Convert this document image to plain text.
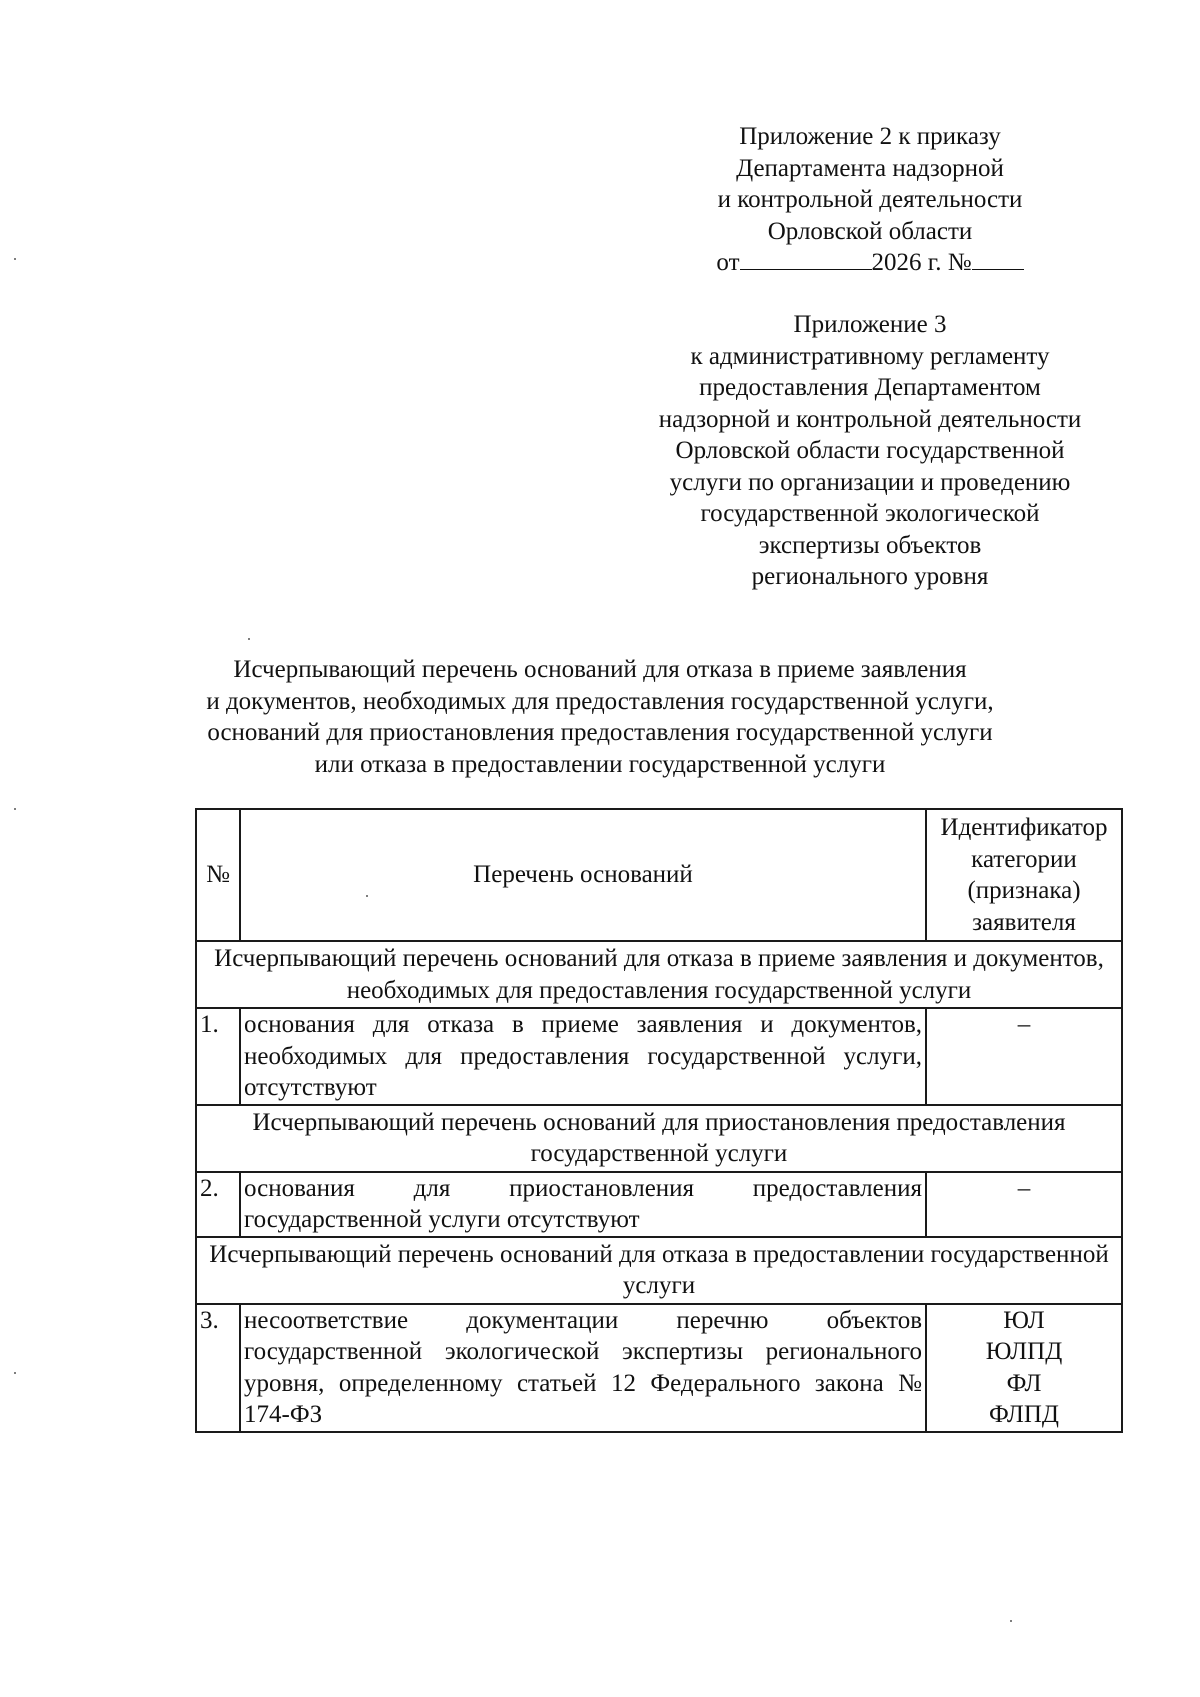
Приложение 2 к приказу
Департамента надзорной
и контрольной деятельности
Орловской области
от	2026 г. №
Приложение 3
к административному регламенту
предоставления Департаментом
надзорной и контрольной деятельности
Орловской области государственной
услуги по организации и проведению
государственной экологической
экспертизы объектов
регионального уровня
Исчерпывающий перечень оснований для отказа в приеме заявления
и документов, необходимых для предоставления государственной услуги,
оснований для приостановления предоставления государственной услуги
или отказа в предоставлении государственной услуги
№	Перечень оснований	Идентификатор категории (признака) заявителя
Исчерпывающий перечень оснований для отказа в приеме заявления и документов, необходимых для предоставления государственной услуги		
1.	основания для отказа в приеме заявления и документов, необходимых для предоставления государственной услуги, отсутствуют	–
Исчерпывающий перечень оснований для приостановления предоставления государственной услуги		
2.	основания для приостановления предоставления государственной услуги отсутствуют	–
Исчерпывающий перечень оснований для отказа в предоставлении государственной услуги		
3.	несоответствие документации перечню объектов государственной экологической экспертизы регионального уровня, определенному статьей 12 Федерального закона № 174-ФЗ	ЮЛ
ЮЛПД
ФЛ
ФЛПД
